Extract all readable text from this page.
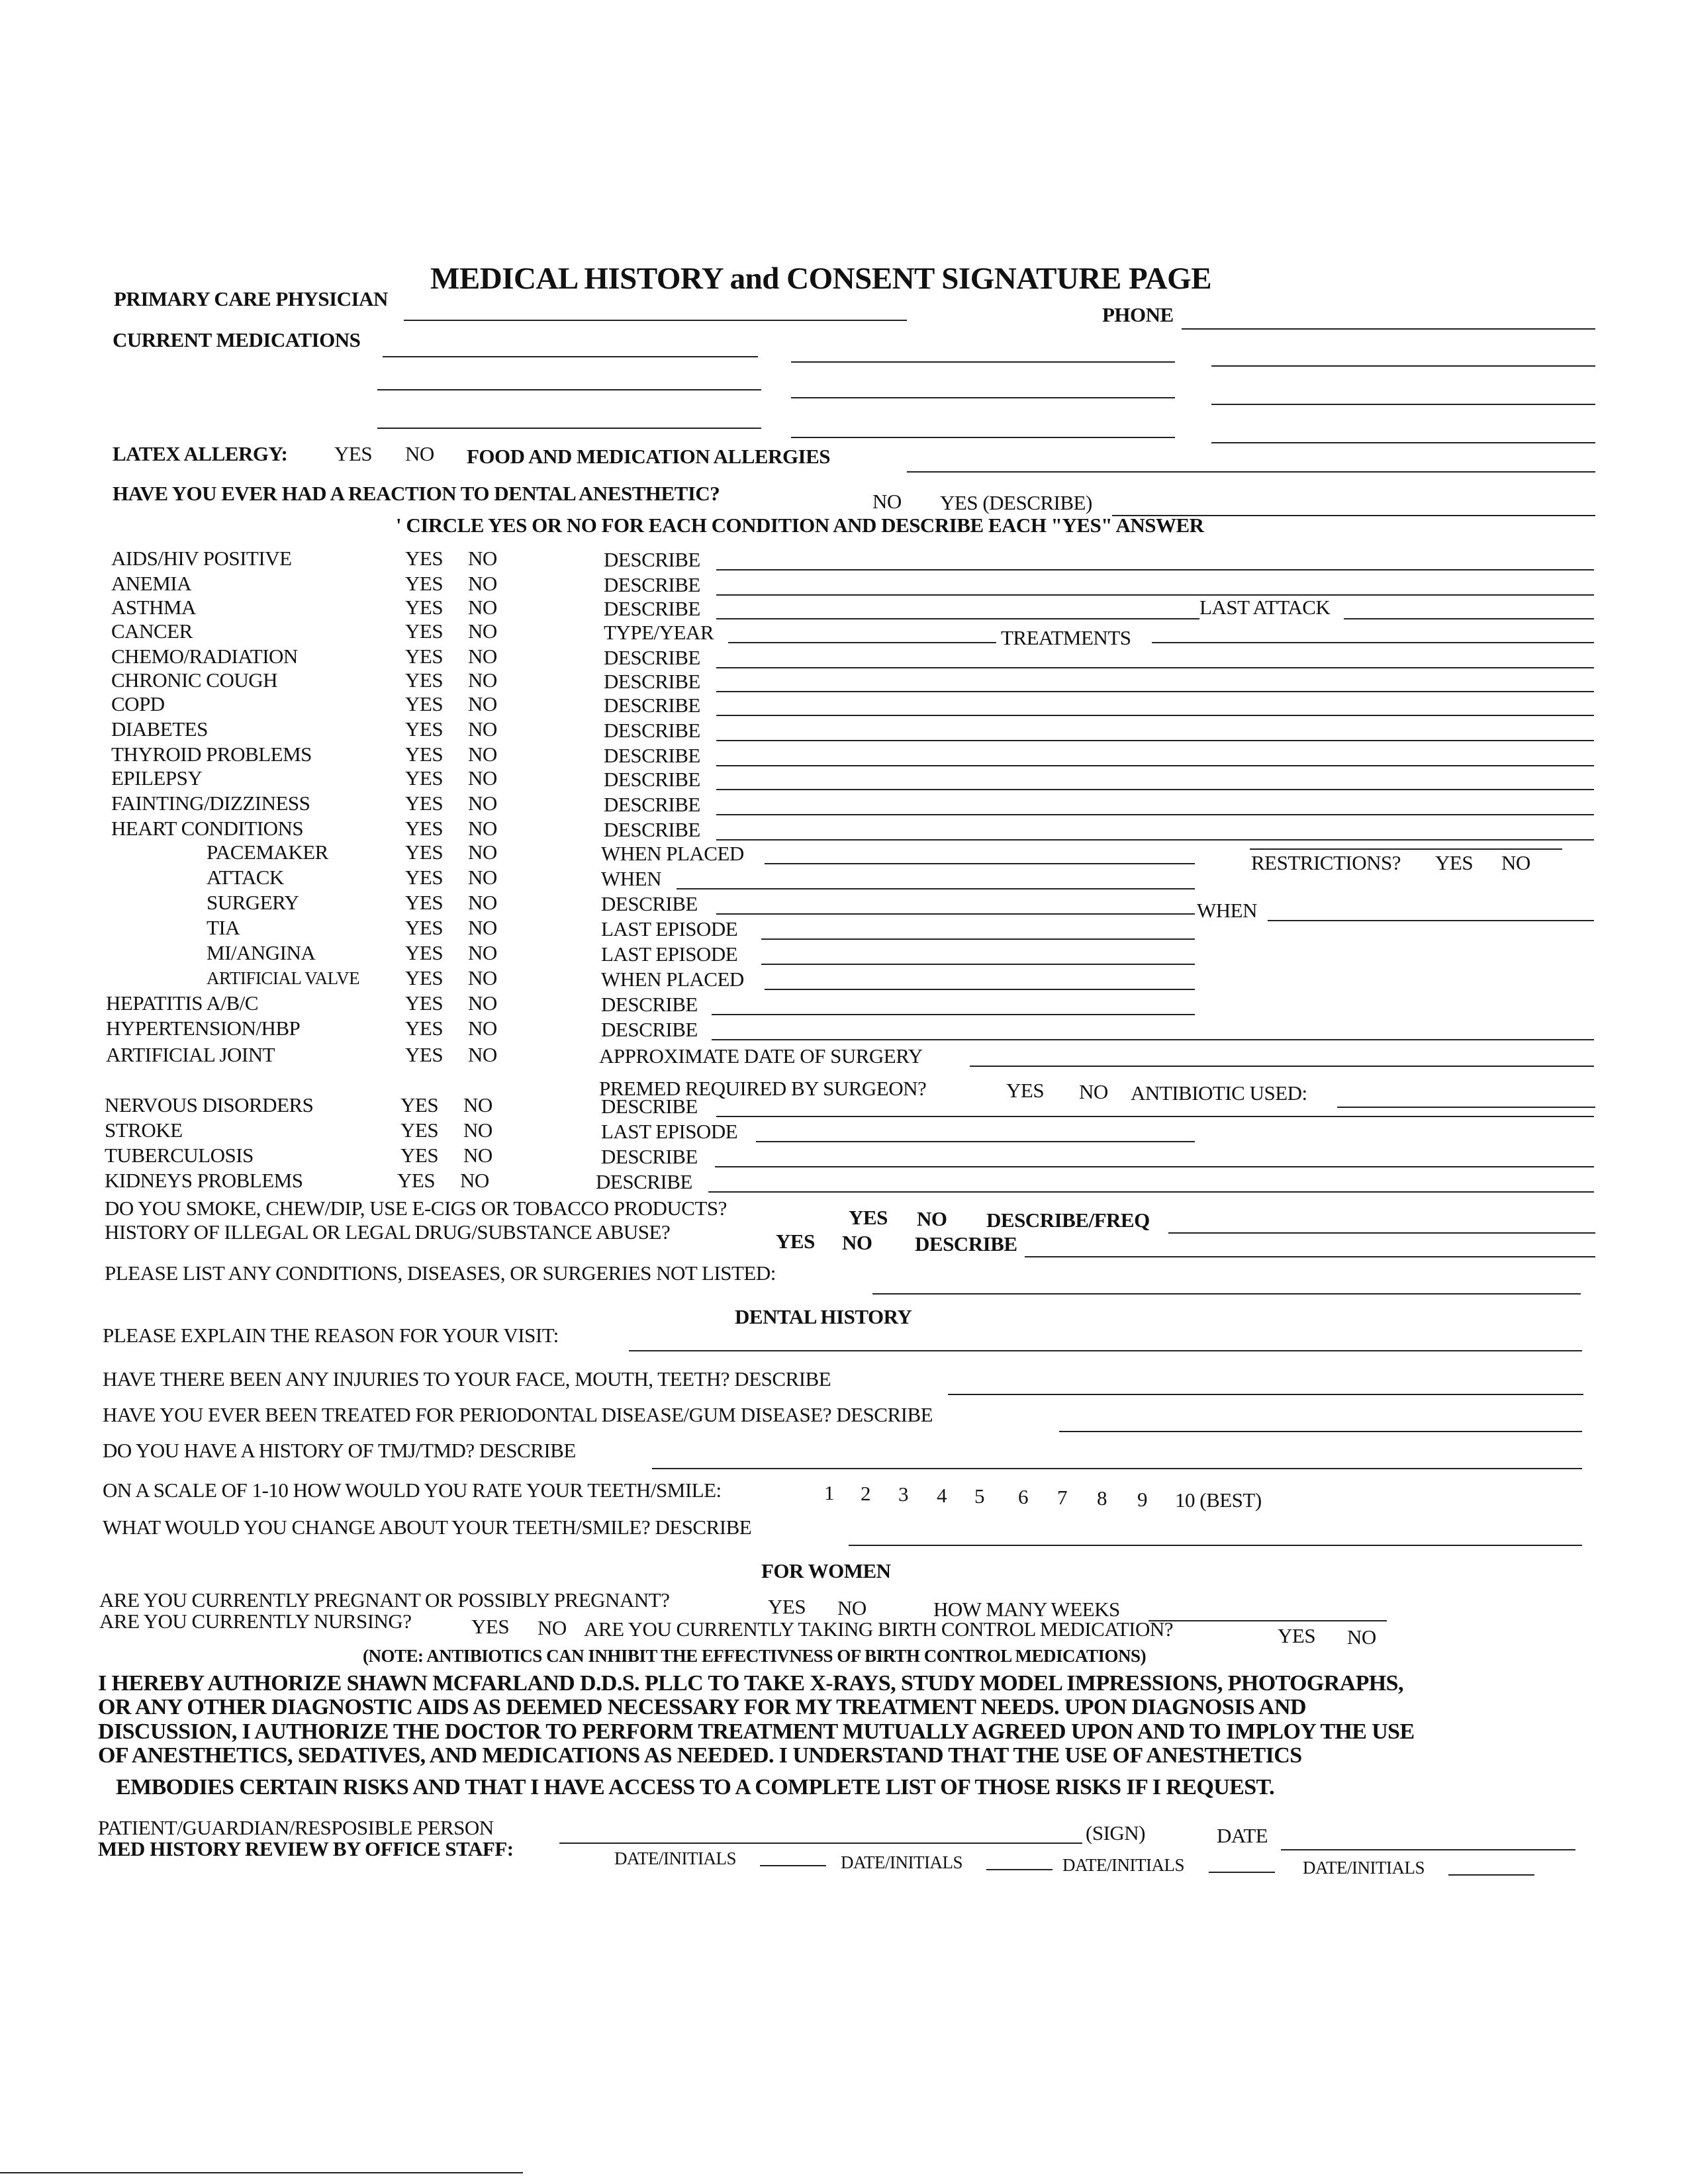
MEDICAL HISTORY and CONSENT SIGNATURE PAGE
PRIMARY CARE PHYSICIAN
PHONE
CURRENT MEDICATIONS
LATEX ALLERGY: YES NO FOOD AND MEDICATION ALLERGIES
HAVE YOU EVER HAD A REACTION TO DENTAL ANESTHETIC?	NO YES (DESCRIBE)
' CIRCLE YES OR NO FOR EACH CONDITION AND DESCRIBE EACH "YES" ANSWER
AIDS/HIV POSITIVE	YES NO	DESCRIBE
ANEMIA	YES NO	DESCRIBE
ASTHMA	YES NO	DESCRIBE	LAST ATTACK
CANCER	YES NO	TYPE/YEAR	TREATMENTS
CHEMO/RADIATION	YES NO	DESCRIBE
CHRONIC COUGH	YES NO	DESCRIBE
COPD	YES NO	DESCRIBE
DIABETES	YES NO	DESCRIBE
THYROID PROBLEMS	YES NO	DESCRIBE
EPILEPSY	YES NO	DESCRIBE
FAINTING/DIZZINESS	YES NO	DESCRIBE
HEART CONDITIONS	YES NO	DESCRIBE
PACEMAKER	YES NO	WHEN PLACED	RESTRICTIONS? YES NO
ATTACK	YES NO	WHEN
SURGERY	YES NO	DESCRIBE	WHEN
TIA	YES NO	LAST EPISODE
MI/ANGINA	YES NO	LAST EPISODE
ARTIFICIAL VALVE YES NO	WHEN PLACED
HEPATITIS A/B/C	YES NO	DESCRIBE
HYPERTENSION/HBP	YES NO	DESCRIBE
ARTIFICIAL JOINT	YES NO	APPROXIMATE DATE OF SURGERY
NERVOUS DISORDERS	YES NO	DESCRIBE
STROKE	YES NO	LAST EPISODE
TUBERCULOSIS	YES NO	DESCRIBE
KIDNEYS PROBLEMS	YES NO	DESCRIBE
PREMED REQUIRED BY SURGEON?	YES NO ANTIBIOTIC USED:
DO YOU SMOKE, CHEW/DIP, USE E-CIGS OR TOBACCO PRODUCTS?	YES NO DESCRIBE/FREQ
HISTORY OF ILLEGAL OR LEGAL DRUG/SUBSTANCE ABUSE?	YES NO DESCRIBE
PLEASE LIST ANY CONDITIONS, DISEASES, OR SURGERIES NOT LISTED:
DENTAL HISTORY
PLEASE EXPLAIN THE REASON FOR YOUR VISIT:
HAVE THERE BEEN ANY INJURIES TO YOUR FACE, MOUTH, TEETH? DESCRIBE
HAVE YOU EVER BEEN TREATED FOR PERIODONTAL DISEASE/GUM DISEASE? DESCRIBE
DO YOU HAVE A HISTORY OF TMJ/TMD? DESCRIBE
ON A SCALE OF 1-10 HOW WOULD YOU RATE YOUR TEETH/SMILE:	1 2 3 4 5 6 7 8 9 10 (BEST)
WHAT WOULD YOU CHANGE ABOUT YOUR TEETH/SMILE? DESCRIBE
FOR WOMEN
ARE YOU CURRENTLY PREGNANT OR POSSIBLY PREGNANT?	YES NO	HOW MANY WEEKS
ARE YOU CURRENTLY NURSING?	YES NO ARE YOU CURRENTLY TAKING BIRTH CONTROL MEDICATION?	YES NO
(NOTE: ANTIBIOTICS CAN INHIBIT THE EFFECTIVNESS OF BIRTH CONTROL MEDICATIONS)
I HEREBY AUTHORIZE SHAWN MCFARLAND D.D.S. PLLC TO TAKE X-RAYS, STUDY MODEL IMPRESSIONS, PHOTOGRAPHS,
OR ANY OTHER DIAGNOSTIC AIDS AS DEEMED NECESSARY FOR MY TREATMENT NEEDS. UPON DIAGNOSIS AND
DISCUSSION, I AUTHORIZE THE DOCTOR TO PERFORM TREATMENT MUTUALLY AGREED UPON AND TO IMPLOY THE USE
OF ANESTHETICS, SEDATIVES, AND MEDICATIONS AS NEEDED. I UNDERSTAND THAT THE USE OF ANESTHETICS
EMBODIES CERTAIN RISKS AND THAT I HAVE ACCESS TO A COMPLETE LIST OF THOSE RISKS IF I REQUEST.
PATIENT/GUARDIAN/RESPOSIBLE PERSON	(SIGN)	DATE
MED HISTORY REVIEW BY OFFICE STAFF:	DATE/INITIALS	DATE/INITIALS	DATE/INITIALS	DATE/INITIALS
